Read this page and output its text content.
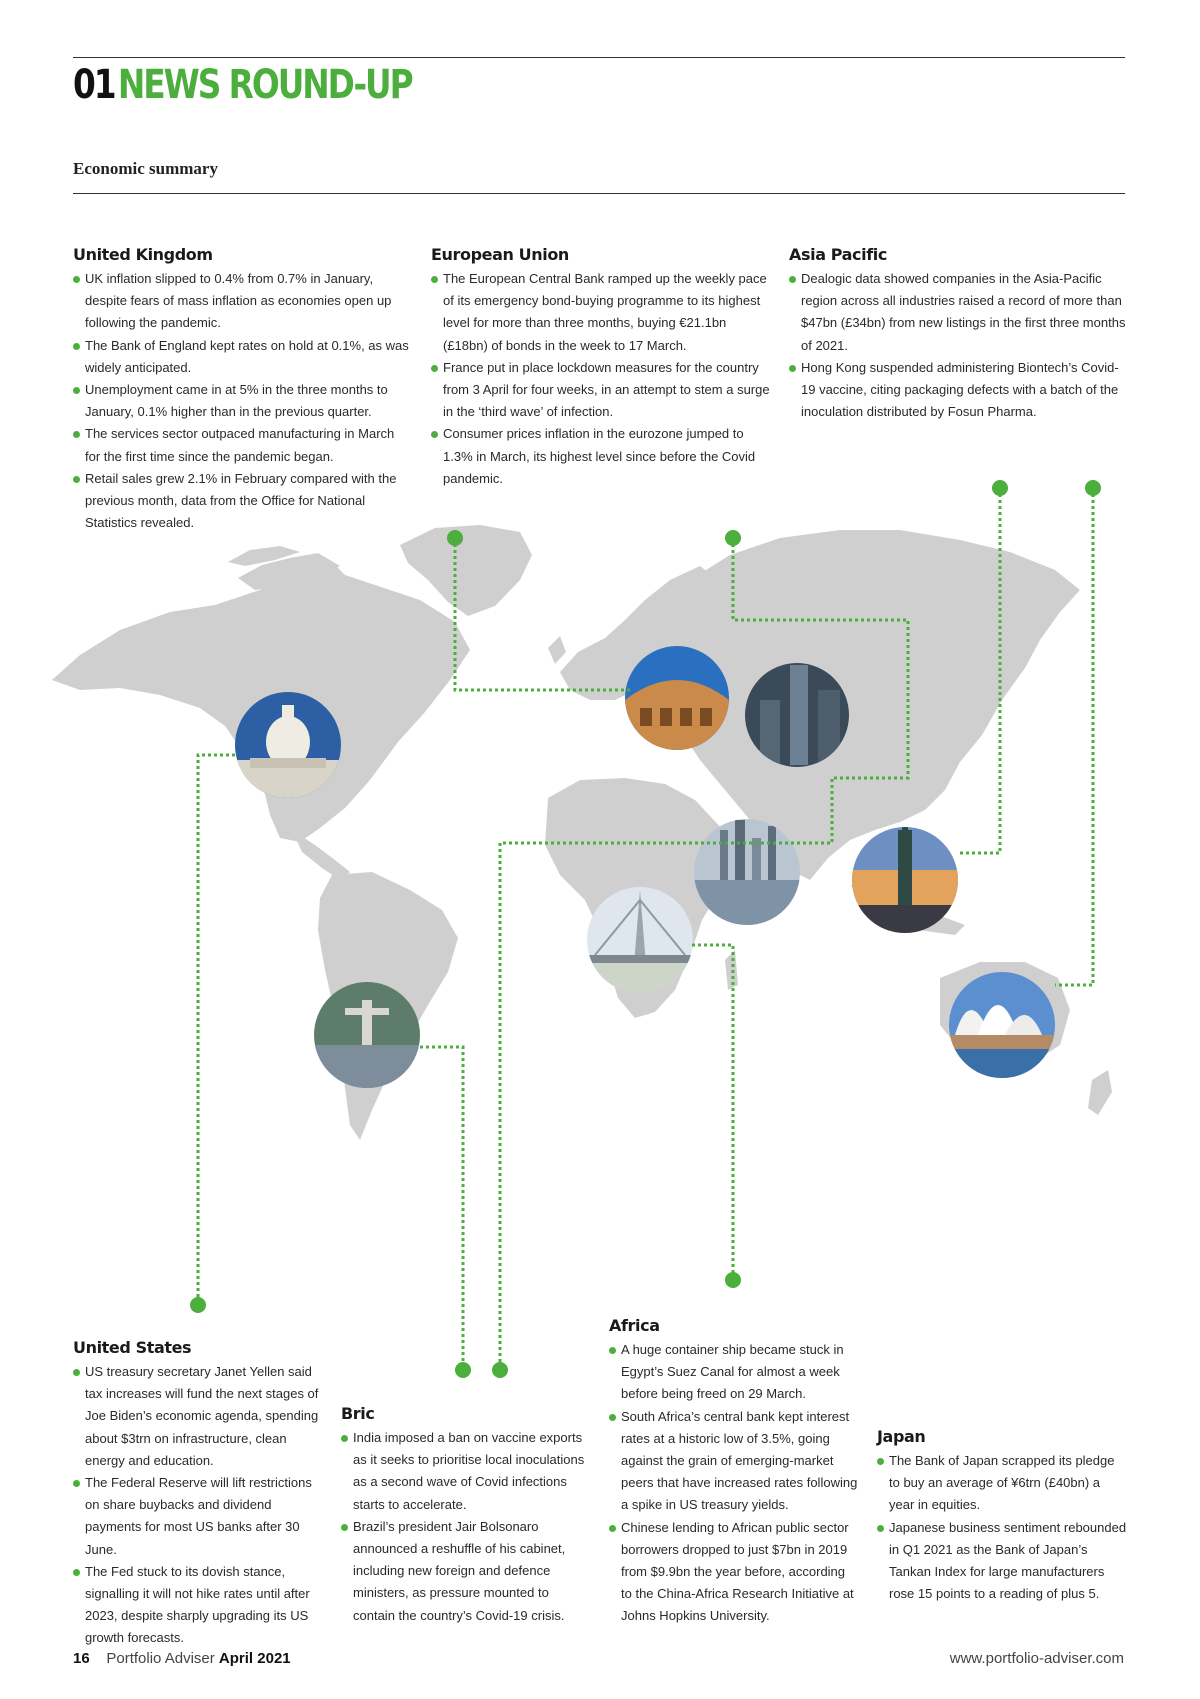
01NEWS ROUND-UP
Economic summary
United Kingdom
UK inflation slipped to 0.4% from 0.7% in January, despite fears of mass inflation as economies open up following the pandemic.
The Bank of England kept rates on hold at 0.1%, as was widely anticipated.
Unemployment came in at 5% in the three months to January, 0.1% higher than in the previous quarter.
The services sector outpaced manufacturing in March for the first time since the pandemic began.
Retail sales grew 2.1% in February compared with the previous month, data from the Office for National Statistics revealed.
European Union
The European Central Bank ramped up the weekly pace of its emergency bond-buying programme to its highest level for more than three months, buying €21.1bn (£18bn) of bonds in the week to 17 March.
France put in place lockdown measures for the country from 3 April for four weeks, in an attempt to stem a surge in the ‘third wave’ of infection.
Consumer prices inflation in the eurozone jumped to 1.3% in March, its highest level since before the Covid pandemic.
Asia Pacific
Dealogic data showed companies in the Asia-Pacific region across all industries raised a record of more than $47bn (£34bn) from new listings in the first three months of 2021.
Hong Kong suspended administering Biontech’s Covid-19 vaccine, citing packaging defects with a batch of the inoculation distributed by Fosun Pharma.
United States
US treasury secretary Janet Yellen said tax increases will fund the next stages of Joe Biden’s economic agenda, spending about $3trn on infrastructure, clean energy and education.
The Federal Reserve will lift restrictions on share buybacks and dividend payments for most US banks after 30 June.
The Fed stuck to its dovish stance, signalling it will not hike rates until after 2023, despite sharply upgrading its US growth forecasts.
Bric
India imposed a ban on vaccine exports as it seeks to prioritise local inoculations as a second wave of Covid infections starts to accelerate.
Brazil’s president Jair Bolsonaro announced a reshuffle of his cabinet, including new foreign and defence ministers, as pressure mounted to contain the country’s Covid-19 crisis.
Africa
A huge container ship became stuck in Egypt’s Suez Canal for almost a week before being freed on 29 March.
South Africa’s central bank kept interest rates at a historic low of 3.5%, going against the grain of emerging-market peers that have increased rates following a spike in US treasury yields.
Chinese lending to African public sector borrowers dropped to just $7bn in 2019 from $9.9bn the year before, according to the China-Africa Research Initiative at Johns Hopkins University.
Japan
The Bank of Japan scrapped its pledge to buy an average of ¥6trn (£40bn) a year in equities.
Japanese business sentiment rebounded in Q1 2021 as the Bank of Japan’s Tankan Index for large manufacturers rose 15 points to a reading of plus 5.
16 Portfolio Adviser April 2021	www.portfolio-adviser.com
